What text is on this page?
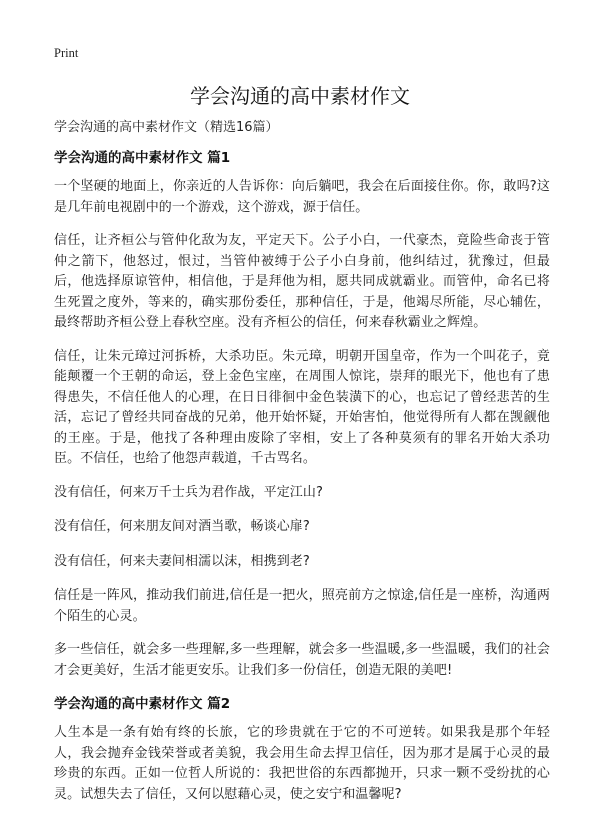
Print
学会沟通的高中素材作文

学会沟通的高中素材作文（精选16篇）

学会沟通的高中素材作文 篇1

一个坚硬的地面上，你亲近的人告诉你：向后躺吧，我会在后面接住你。你，敢吗?这是几年前电视剧中的一个游戏，这个游戏，源于信任。

信任，让齐桓公与管仲化敌为友，平定天下。公子小白，一代豪杰，竟险些命丧于管仲之箭下，他怒过，恨过，当管仲被缚于公子小白身前，他纠结过，犹豫过，但最后，他选择原谅管仲，相信他，于是拜他为相，愿共同成就霸业。而管仲，命名已将生死置之度外，等来的，确实那份委任，那种信任，于是，他竭尽所能，尽心辅佐，最终帮助齐桓公登上春秋空座。没有齐桓公的信任，何来春秋霸业之辉煌。

信任，让朱元璋过河拆桥，大杀功臣。朱元璋，明朝开国皇帝，作为一个叫花子，竟能颠覆一个王朝的命运，登上金色宝座，在周围人惊诧，崇拜的眼光下，他也有了患得患失，不信任他人的心理，在日日徘徊中金色装潢下的心，也忘记了曾经悲苦的生活，忘记了曾经共同奋战的兄弟，他开始怀疑，开始害怕，他觉得所有人都在觊觎他的王座。于是，他找了各种理由废除了宰相，安上了各种莫须有的罪名开始大杀功臣。不信任，也给了他怨声载道，千古骂名。

没有信任，何来万千士兵为君作战，平定江山?

没有信任，何来朋友间对酒当歌，畅谈心扉?

没有信任，何来夫妻间相濡以沫，相携到老?

信任是一阵风，推动我们前进,信任是一把火，照亮前方之惊途,信任是一座桥，沟通两个陌生的心灵。

多一些信任，就会多一些理解,多一些理解，就会多一些温暖,多一些温暖，我们的社会才会更美好，生活才能更安乐。让我们多一份信任，创造无限的美吧!

学会沟通的高中素材作文 篇2

人生本是一条有始有终的长旅，它的珍贵就在于它的不可逆转。如果我是那个年轻人，我会抛弃金钱荣誉或者美貌，我会用生命去捍卫信任，因为那才是属于心灵的最珍贵的东西。正如一位哲人所说的：我把世俗的东西都抛开，只求一颗不受纷扰的心灵。试想失去了信任，又何以慰藉心灵，使之安宁和温馨呢?
